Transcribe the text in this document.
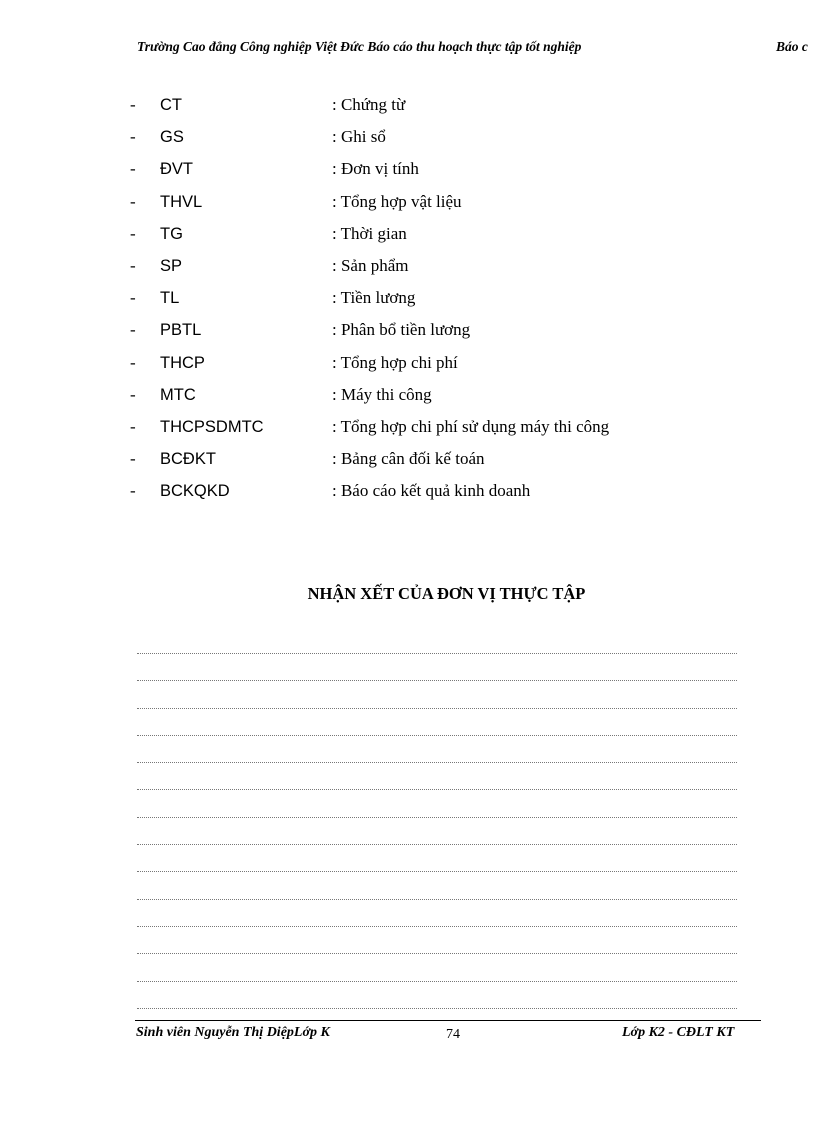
Trường Cao đẳng Công nghiệp Việt Đức Báo cáo thu hoạch thực tập tốt nghiệp	Báo c
- CT	: Chứng từ
- GS	: Ghi sổ
- ĐVT	: Đơn vị tính
- THVL	: Tổng hợp vật liệu
- TG	: Thời gian
- SP	: Sản phẩm
- TL	: Tiền lương
- PBTL	: Phân bổ tiền lương
- THCP	: Tổng hợp chi phí
- MTC	: Máy thi công
- THCPSDMTC	: Tổng hợp chi phí sử dụng máy thi công
- BCĐKT	: Bảng cân đối kế toán
- BCKQKD	: Báo cáo kết quả kinh doanh
NHẬN XẾT CỦA ĐƠN VỊ THỰC TẬP
Sinh viên Nguyễn Thị DiệpLớp K	74	Lớp K2 - CĐLT KT
